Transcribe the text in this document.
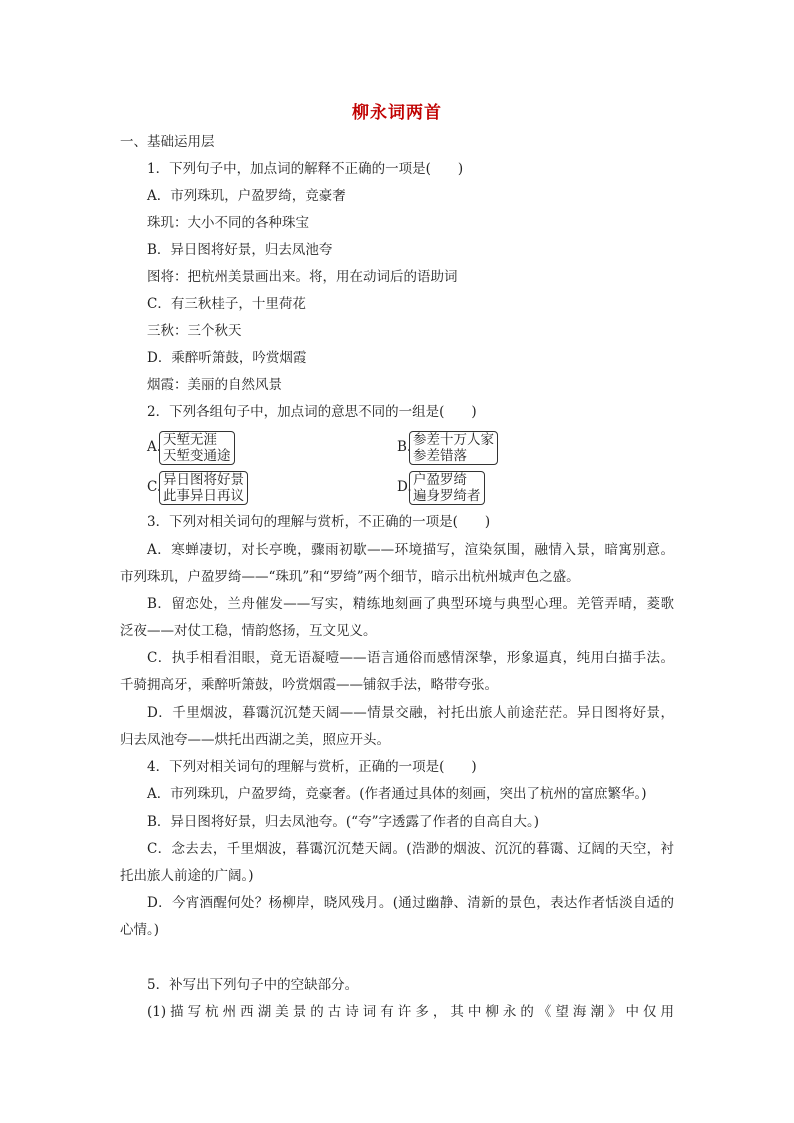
柳永词两首
一、基础运用层
1．下列句子中，加点词的解释不正确的一项是(　　)
A．市列珠玑，户盈罗绮，竞豪奢
珠玑：大小不同的各种珠宝
B．异日图将好景，归去凤池夸
图将：把杭州美景画出来。将，用在动词后的语助词
C．有三秋桂子，十里荷花
三秋：三个秋天
D．乘醉听箫鼓，吟赏烟霞
烟霞：美丽的自然风景
2．下列各组句子中，加点词的意思不同的一组是(　　)
A. 天堑无涯
天堑变通途
B. 参差十万人家
参差错落
C. 异日图将好景
此事异日再议
D. 户盈罗绮
遍身罗绮者
3．下列对相关词句的理解与赏析，不正确的一项是(　　)
A．寒蝉凄切，对长亭晚，骤雨初歇——环境描写，渲染氛围，融情入景，暗寓别意。
市列珠玑，户盈罗绮——“珠玑”和“罗绮”两个细节，暗示出杭州城声色之盛。
B．留恋处，兰舟催发——写实，精练地刻画了典型环境与典型心理。羌管弄晴，菱歌
泛夜——对仗工稳，情韵悠扬，互文见义。
C．执手相看泪眼，竟无语凝噎——语言通俗而感情深挚，形象逼真，纯用白描手法。
千骑拥高牙，乘醉听箫鼓，吟赏烟霞——铺叙手法，略带夸张。
D．千里烟波，暮霭沉沉楚天阔——情景交融，衬托出旅人前途茫茫。异日图将好景，
归去凤池夸——烘托出西湖之美，照应开头。
4．下列对相关词句的理解与赏析，正确的一项是(　　)
A．市列珠玑，户盈罗绮，竞豪奢。(作者通过具体的刻画，突出了杭州的富庶繁华。)
B．异日图将好景，归去凤池夸。(“夸”字透露了作者的自高自大。)
C．念去去，千里烟波，暮霭沉沉楚天阔。(浩渺的烟波、沉沉的暮霭、辽阔的天空，衬
托出旅人前途的广阔。)
D．今宵酒醒何处？杨柳岸，晓风残月。(通过幽静、清新的景色，表达作者恬淡自适的
心情。)
5．补写出下列句子中的空缺部分。
(1)描写杭州西湖美景的古诗词有许多，其中柳永的《望海潮》中仅用
